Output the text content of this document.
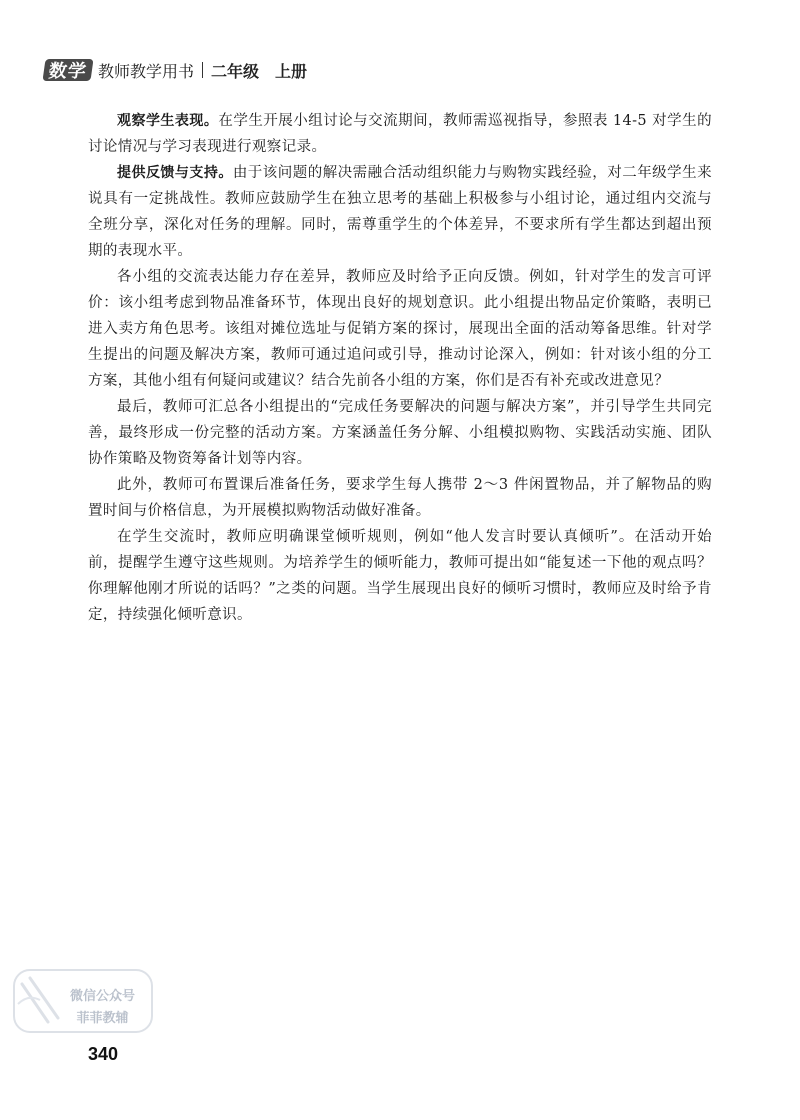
数学 教师教学用书 二年级　上册

观察学生表现。在学生开展小组讨论与交流期间，教师需巡视指导，参照表 14-5 对学生的讨论情况与学习表现进行观察记录。

提供反馈与支持。由于该问题的解决需融合活动组织能力与购物实践经验，对二年级学生来说具有一定挑战性。教师应鼓励学生在独立思考的基础上积极参与小组讨论，通过组内交流与全班分享，深化对任务的理解。同时，需尊重学生的个体差异，不要求所有学生都达到超出预期的表现水平。

各小组的交流表达能力存在差异，教师应及时给予正向反馈。例如，针对学生的发言可评价：该小组考虑到物品准备环节，体现出良好的规划意识。此小组提出物品定价策略，表明已进入卖方角色思考。该组对摊位选址与促销方案的探讨，展现出全面的活动筹备思维。针对学生提出的问题及解决方案，教师可通过追问或引导，推动讨论深入，例如：针对该小组的分工方案，其他小组有何疑问或建议？结合先前各小组的方案，你们是否有补充或改进意见？

最后，教师可汇总各小组提出的“完成任务要解决的问题与解决方案”，并引导学生共同完善，最终形成一份完整的活动方案。方案涵盖任务分解、小组模拟购物、实践活动实施、团队协作策略及物资筹备计划等内容。

此外，教师可布置课后准备任务，要求学生每人携带 2～3 件闲置物品，并了解物品的购置时间与价格信息，为开展模拟购物活动做好准备。

在学生交流时，教师应明确课堂倾听规则，例如“他人发言时要认真倾听”。在活动开始前，提醒学生遵守这些规则。为培养学生的倾听能力，教师可提出如“能复述一下他的观点吗？你理解他刚才所说的话吗？”之类的问题。当学生展现出良好的倾听习惯时，教师应及时给予肯定，持续强化倾听意识。

微信公众号
菲菲教辅
340
